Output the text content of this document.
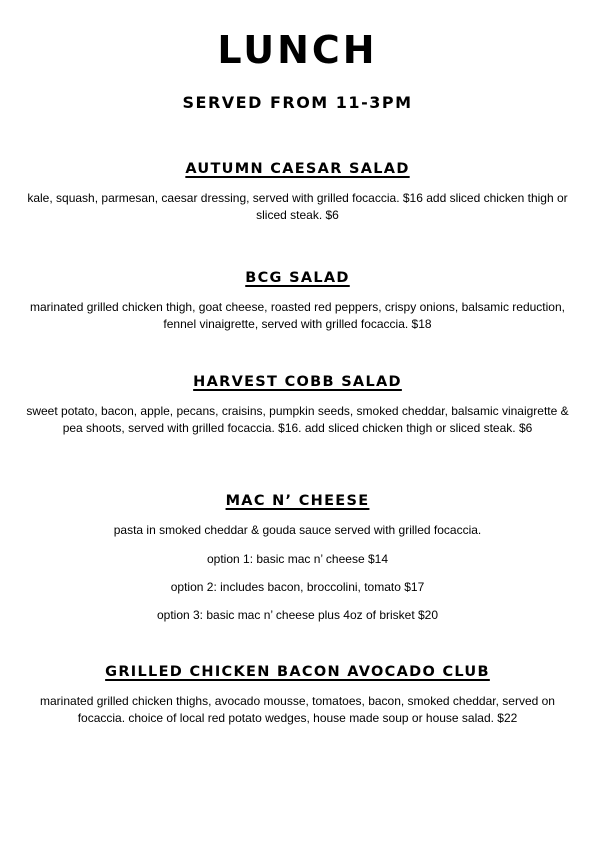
LUNCH
SERVED FROM 11-3PM
AUTUMN CAESAR SALAD

kale, squash, parmesan, caesar dressing, served with grilled focaccia. $16 add sliced chicken thigh or sliced steak. $6

BCG SALAD

marinated grilled chicken thigh, goat cheese, roasted red peppers, crispy onions, balsamic reduction, fennel vinaigrette, served with grilled focaccia. $18

HARVEST COBB SALAD

sweet potato, bacon, apple, pecans, craisins, pumpkin seeds, smoked cheddar, balsamic vinaigrette & pea shoots, served with grilled focaccia. $16. add sliced chicken thigh or sliced steak. $6

MAC N’ CHEESE

pasta in smoked cheddar & gouda sauce served with grilled focaccia.

option 1: basic mac n’ cheese $14

option 2: includes bacon, broccolini, tomato $17

option 3: basic mac n’ cheese plus 4oz of brisket $20

GRILLED CHICKEN BACON AVOCADO CLUB

marinated grilled chicken thighs, avocado mousse, tomatoes, bacon, smoked cheddar, served on focaccia. choice of local red potato wedges, house made soup or house salad. $22
